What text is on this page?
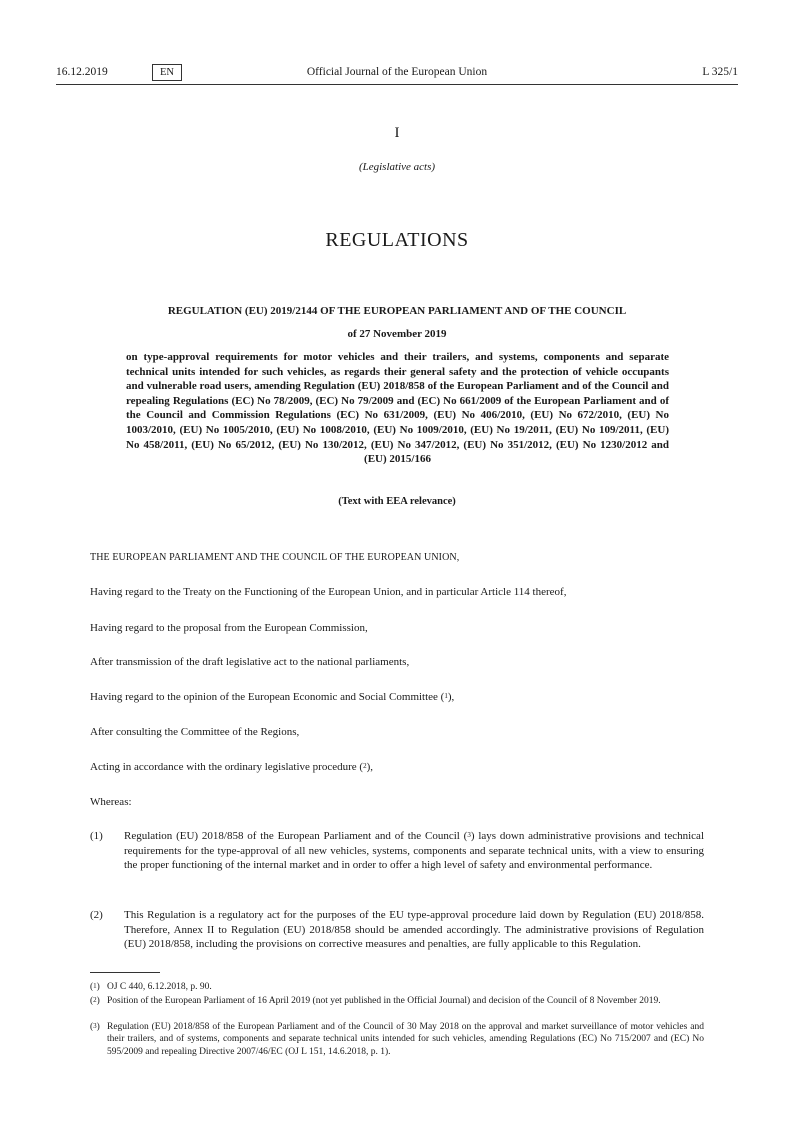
16.12.2019	EN	Official Journal of the European Union	L 325/1
I
(Legislative acts)
REGULATIONS
REGULATION (EU) 2019/2144 OF THE EUROPEAN PARLIAMENT AND OF THE COUNCIL
of 27 November 2019
on type-approval requirements for motor vehicles and their trailers, and systems, components and separate technical units intended for such vehicles, as regards their general safety and the protection of vehicle occupants and vulnerable road users, amending Regulation (EU) 2018/858 of the European Parliament and of the Council and repealing Regulations (EC) No 78/2009, (EC) No 79/2009 and (EC) No 661/2009 of the European Parliament and of the Council and Commission Regulations (EC) No 631/2009, (EU) No 406/2010, (EU) No 672/2010, (EU) No 1003/2010, (EU) No 1005/2010, (EU) No 1008/2010, (EU) No 1009/2010, (EU) No 19/2011, (EU) No 109/2011, (EU) No 458/2011, (EU) No 65/2012, (EU) No 130/2012, (EU) No 347/2012, (EU) No 351/2012, (EU) No 1230/2012 and (EU) 2015/166
(Text with EEA relevance)
THE EUROPEAN PARLIAMENT AND THE COUNCIL OF THE EUROPEAN UNION,
Having regard to the Treaty on the Functioning of the European Union, and in particular Article 114 thereof,
Having regard to the proposal from the European Commission,
After transmission of the draft legislative act to the national parliaments,
Having regard to the opinion of the European Economic and Social Committee ($^1$),
After consulting the Committee of the Regions,
Acting in accordance with the ordinary legislative procedure ($^2$),
Whereas:
(1) Regulation (EU) 2018/858 of the European Parliament and of the Council ($^3$) lays down administrative provisions and technical requirements for the type-approval of all new vehicles, systems, components and separate technical units, with a view to ensuring the proper functioning of the internal market and in order to offer a high level of safety and environmental performance.
(2) This Regulation is a regulatory act for the purposes of the EU type-approval procedure laid down by Regulation (EU) 2018/858. Therefore, Annex II to Regulation (EU) 2018/858 should be amended accordingly. The administrative provisions of Regulation (EU) 2018/858, including the provisions on corrective measures and penalties, are fully applicable to this Regulation.
($^1$) OJ C 440, 6.12.2018, p. 90.
($^2$) Position of the European Parliament of 16 April 2019 (not yet published in the Official Journal) and decision of the Council of 8 November 2019.
($^3$) Regulation (EU) 2018/858 of the European Parliament and of the Council of 30 May 2018 on the approval and market surveillance of motor vehicles and their trailers, and of systems, components and separate technical units intended for such vehicles, amending Regulations (EC) No 715/2007 and (EC) No 595/2009 and repealing Directive 2007/46/EC (OJ L 151, 14.6.2018, p. 1).
